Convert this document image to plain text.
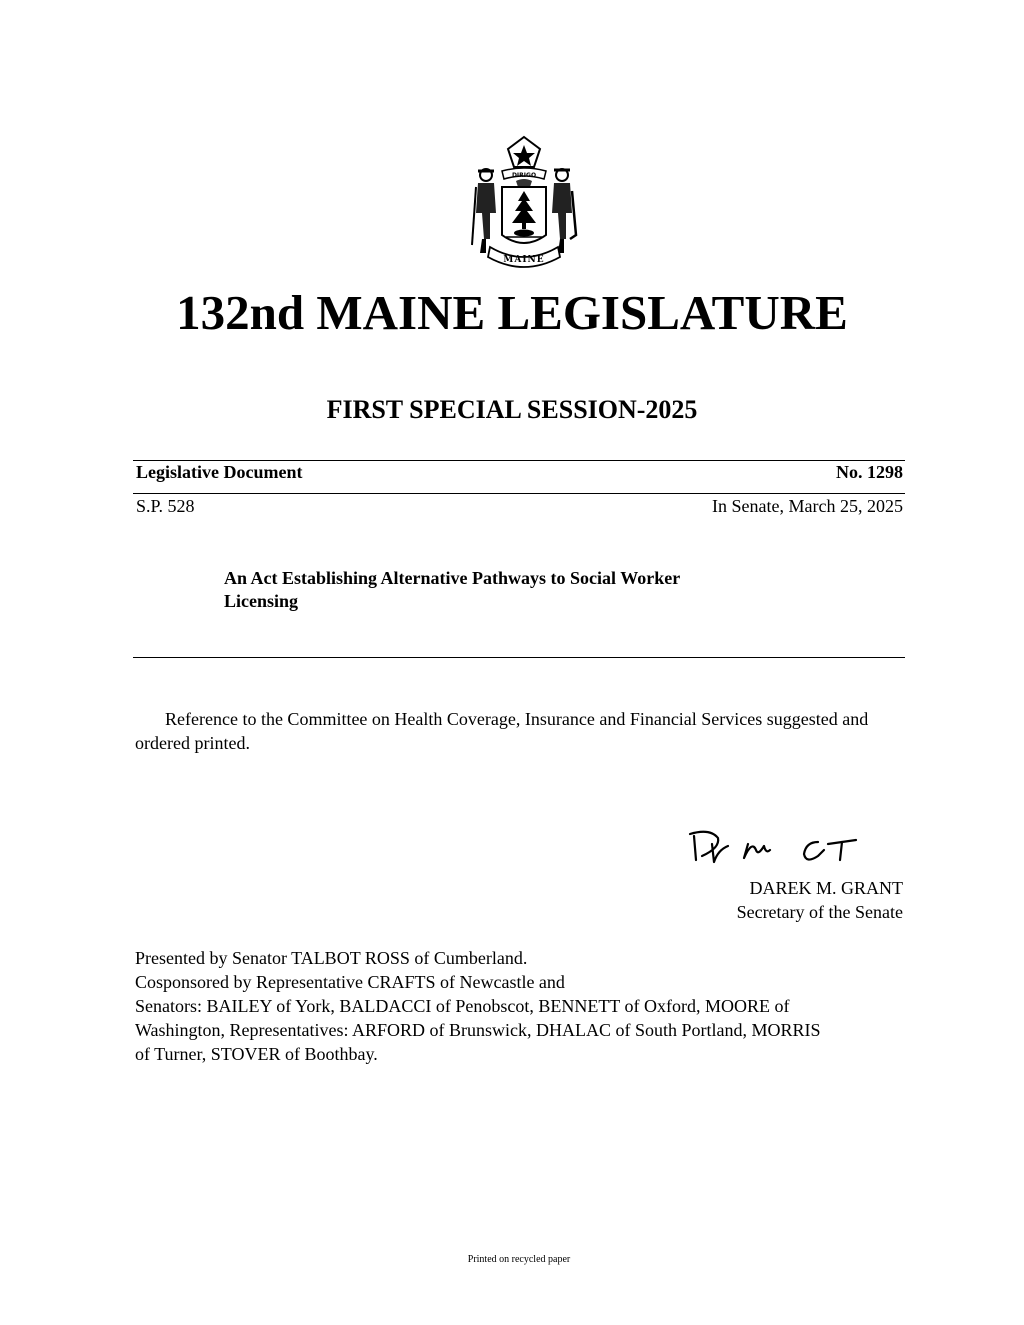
DIRIGO
MAINE
132nd MAINE LEGISLATURE
FIRST SPECIAL SESSION-2025
Legislative Document	No. 1298
S.P. 528	In Senate, March 25, 2025
An Act Establishing Alternative Pathways to Social Worker
Licensing

Reference to the Committee on Health Coverage, Insurance and Financial Services suggested and ordered printed.

DAREK M. GRANT
Secretary of the Senate
Presented by Senator TALBOT ROSS of Cumberland.
Cosponsored by Representative CRAFTS of Newcastle and
Senators: BAILEY of York, BALDACCI of Penobscot, BENNETT of Oxford, MOORE of
Washington, Representatives: ARFORD of Brunswick, DHALAC of South Portland, MORRIS
of Turner, STOVER of Boothbay.
Printed on recycled paper
